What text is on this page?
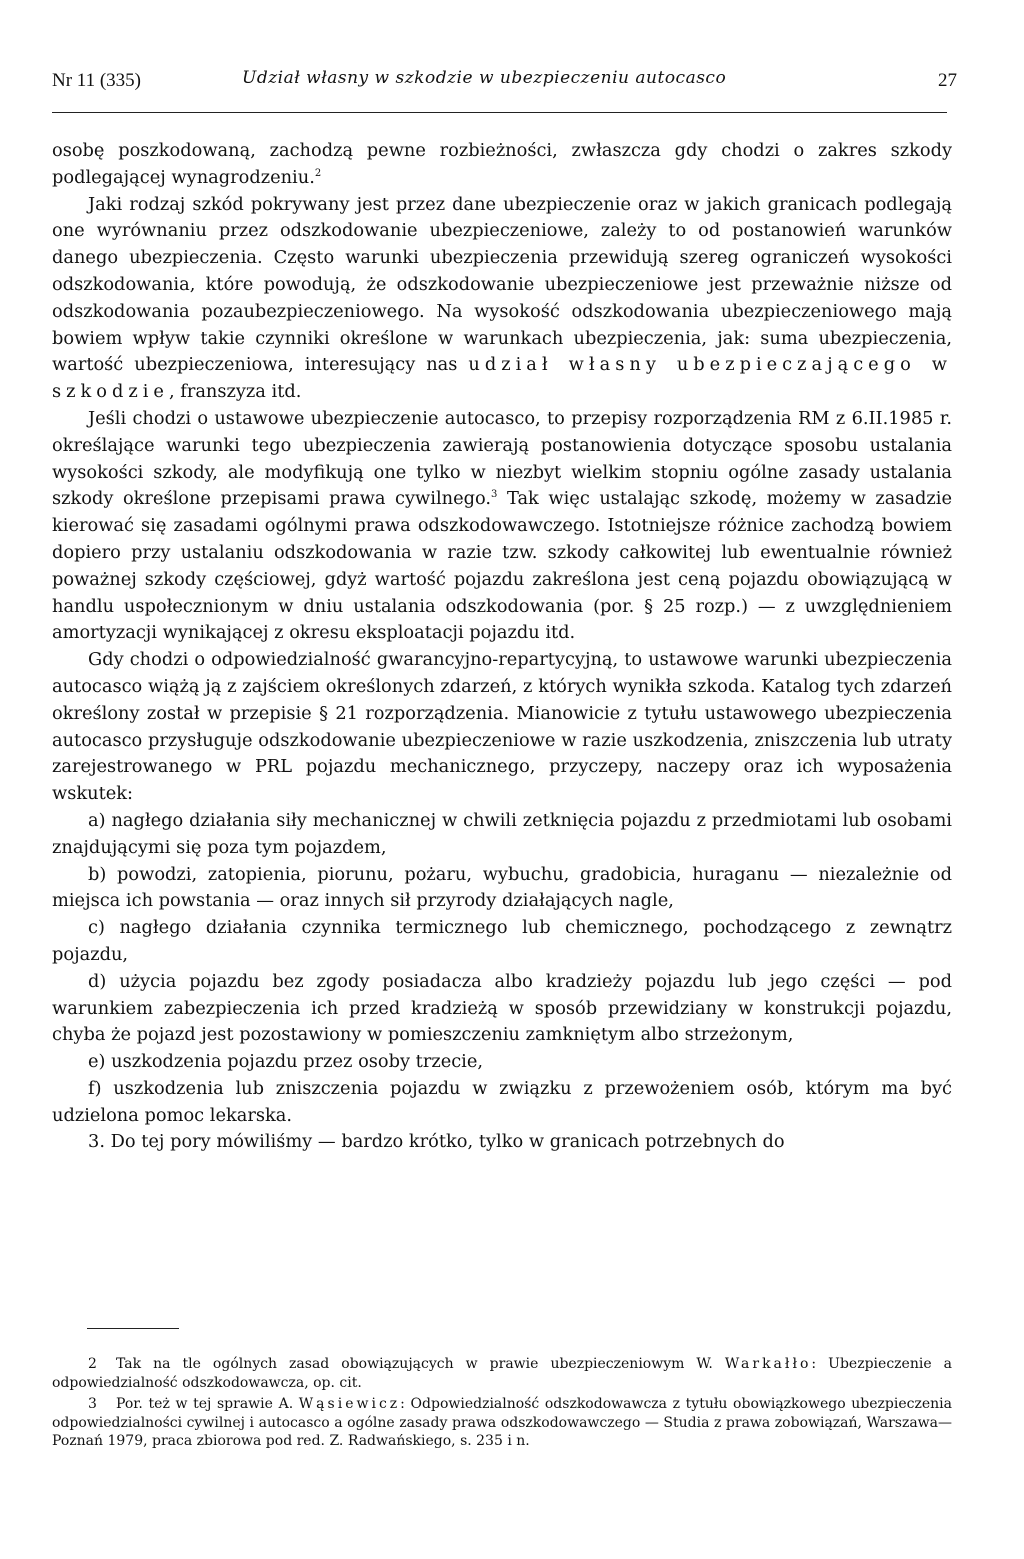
Nr 11 (335)	Udział własny w szkodzie w ubezpieczeniu autocasco	27

osobę poszkodowaną, zachodzą pewne rozbieżności, zwłaszcza gdy chodzi o zakres szkody podlegającej wynagrodzeniu.$^2$

Jaki rodzaj szkód pokrywany jest przez dane ubezpieczenie oraz w jakich granicach podlegają one wyrównaniu przez odszkodowanie ubezpieczeniowe, zależy to od postanowień warunków danego ubezpieczenia. Często warunki ubezpieczenia przewidują szereg ograniczeń wysokości odszkodowania, które powodują, że odszkodowanie ubezpieczeniowe jest przeważnie niższe od odszkodowania pozaubezpieczeniowego. Na wysokość odszkodowania ubezpieczeniowego mają bowiem wpływ takie czynniki określone w warunkach ubezpieczenia, jak: suma ubezpieczenia, wartość ubezpieczeniowa, interesujący nas udział własny ubezpieczającego w szkodzie, franszyza itd.

Jeśli chodzi o ustawowe ubezpieczenie autocasco, to przepisy rozporządzenia RM z 6.II.1985 r. określające warunki tego ubezpieczenia zawierają postanowienia dotyczące sposobu ustalania wysokości szkody, ale modyfikują one tylko w niezbyt wielkim stopniu ogólne zasady ustalania szkody określone przepisami prawa cywilnego.$^3$ Tak więc ustalając szkodę, możemy w zasadzie kierować się zasadami ogólnymi prawa odszkodowawczego. Istotniejsze różnice zachodzą bowiem dopiero przy ustalaniu odszkodowania w razie tzw. szkody całkowitej lub ewentualnie również poważnej szkody częściowej, gdyż wartość pojazdu zakreślona jest ceną pojazdu obowiązującą w handlu uspołecznionym w dniu ustalania odszkodowania (por. § 25 rozp.) — z uwzględnieniem amortyzacji wynikającej z okresu eksploatacji pojazdu itd.

Gdy chodzi o odpowiedzialność gwarancyjno-repartycyjną, to ustawowe warunki ubezpieczenia autocasco wiążą ją z zajściem określonych zdarzeń, z których wynikła szkoda. Katalog tych zdarzeń określony został w przepisie § 21 rozporządzenia. Mianowicie z tytułu ustawowego ubezpieczenia autocasco przysługuje odszkodowanie ubezpieczeniowe w razie uszkodzenia, zniszczenia lub utraty zarejestrowanego w PRL pojazdu mechanicznego, przyczepy, naczepy oraz ich wyposażenia wskutek:

a) nagłego działania siły mechanicznej w chwili zetknięcia pojazdu z przedmiotami lub osobami znajdującymi się poza tym pojazdem,

b) powodzi, zatopienia, piorunu, pożaru, wybuchu, gradobicia, huraganu — niezależnie od miejsca ich powstania — oraz innych sił przyrody działających nagle,

c) nagłego działania czynnika termicznego lub chemicznego, pochodzącego z zewnątrz pojazdu,

d) użycia pojazdu bez zgody posiadacza albo kradzieży pojazdu lub jego części — pod warunkiem zabezpieczenia ich przed kradzieżą w sposób przewidziany w konstrukcji pojazdu, chyba że pojazd jest pozostawiony w pomieszczeniu zamkniętym albo strzeżonym,

e) uszkodzenia pojazdu przez osoby trzecie,

f) uszkodzenia lub zniszczenia pojazdu w związku z przewożeniem osób, którym ma być udzielona pomoc lekarska.

3. Do tej pory mówiliśmy — bardzo krótko, tylko w granicach potrzebnych do

2 Tak na tle ogólnych zasad obowiązujących w prawie ubezpieczeniowym W. Warkałło: Ubezpieczenie a odpowiedzialność odszkodowawcza, op. cit.

3 Por. też w tej sprawie A. Wąsiewicz: Odpowiedzialność odszkodowawcza z tytułu obowiązkowego ubezpieczenia odpowiedzialności cywilnej i autocasco a ogólne zasady prawa odszkodowawczego — Studia z prawa zobowiązań, Warszawa—Poznań 1979, praca zbiorowa pod red. Z. Radwańskiego, s. 235 i n.
